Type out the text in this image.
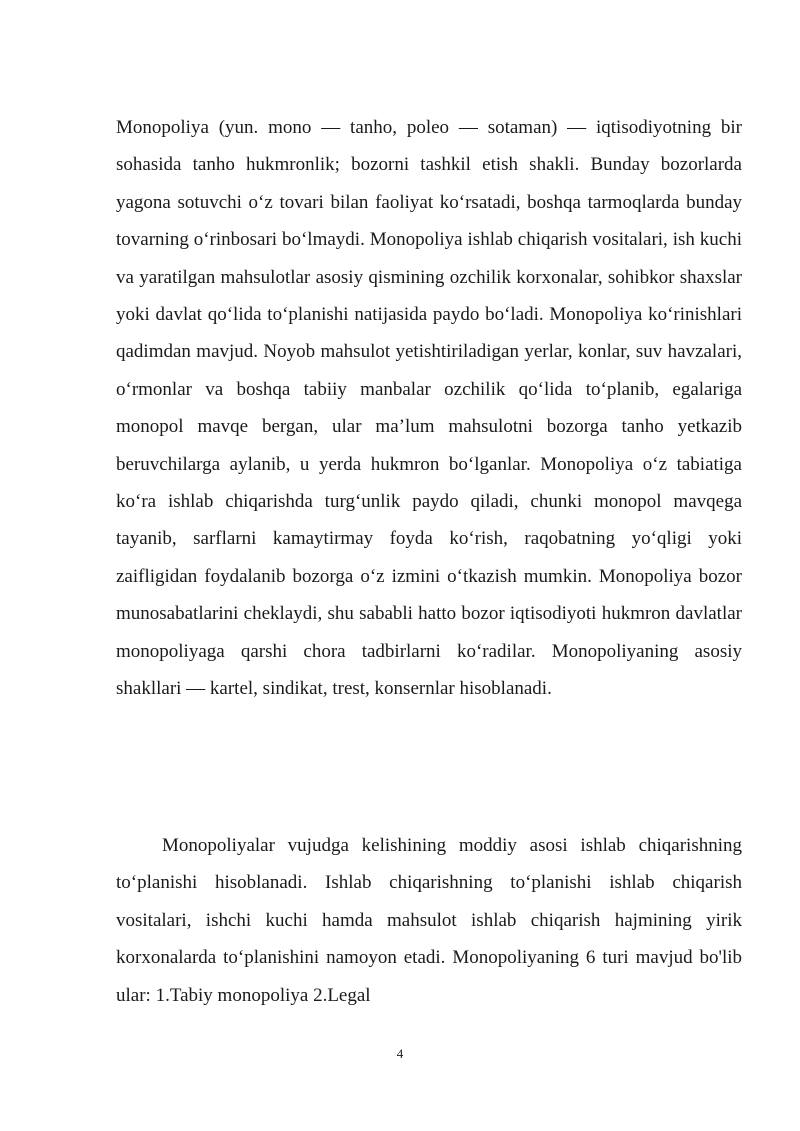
Monopoliya (yun. mono — tanho, poleo — sotaman) — iqtisodiyotning bir sohasida tanho hukmronlik; bozorni tashkil etish shakli. Bunday bozorlarda yagona sotuvchi oʻz tovari bilan faoliyat koʻrsatadi, boshqa tarmoqlarda bunday tovarning oʻrinbosari boʻlmaydi. Monopoliya ishlab chiqarish vositalari, ish kuchi va yaratilgan mahsulotlar asosiy qismining ozchilik korxonalar, sohibkor shaxslar yoki davlat qoʻlida toʻplanishi natijasida paydo boʻladi. Monopoliya koʻrinishlari qadimdan mavjud. Noyob mahsulot yetishtiriladigan yerlar, konlar, suv havzalari, oʻrmonlar va boshqa tabiiy manbalar ozchilik qoʻlida toʻplanib, egalariga monopol mavqe bergan, ular ma’lum mahsulotni bozorga tanho yetkazib beruvchilarga aylanib, u yerda hukmron boʻlganlar. Monopoliya oʻz tabiatiga koʻra ishlab chiqarishda turgʻunlik paydo qiladi, chunki monopol mavqega tayanib, sarflarni kamaytirmay foyda koʻrish, raqobatning yoʻqligi yoki zaifligidan foydalanib bozorga oʻz izmini oʻtkazish mumkin. Monopoliya bozor munosabatlarini cheklaydi, shu sababli hatto bozor iqtisodiyoti hukmron davlatlar monopoliyaga qarshi chora tadbirlarni koʻradilar. Monopoliyaning asosiy shakllari — kartel, sindikat, trest, konsernlar hisoblanadi.

Monopoliyalar vujudga kelishining moddiy asosi ishlab chiqarishning toʻplanishi hisoblanadi. Ishlab chiqarishning toʻplanishi ishlab chiqarish vositalari, ishchi kuchi hamda mahsulot ishlab chiqarish hajmining yirik korxonalarda toʻplanishini namoyon etadi. Monopoliyaning 6 turi mavjud bo'lib ular: 1.Tabiy monopoliya 2.Legal

4
